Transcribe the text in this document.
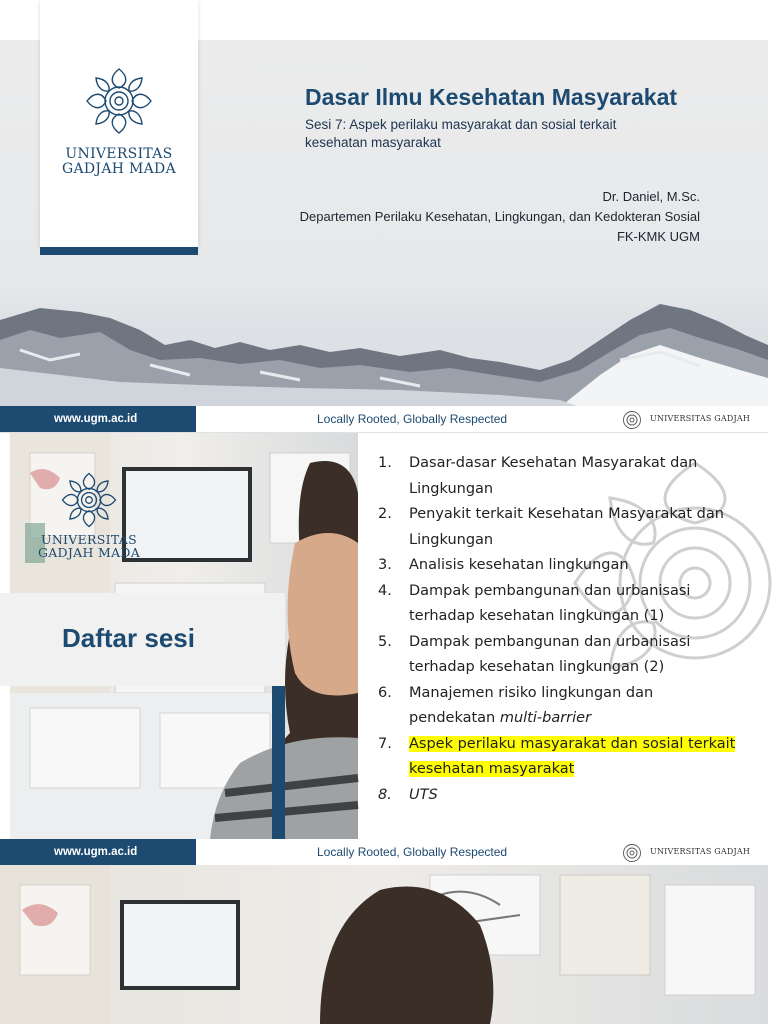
UNIVERSITAS
GADJAH MADA
Dasar Ilmu Kesehatan Masyarakat
Sesi 7: Aspek perilaku masyarakat dan sosial terkait
kesehatan masyarakat
Dr. Daniel, M.Sc.
Departemen Perilaku Kesehatan, Lingkungan, dan Kedokteran Sosial
FK-KMK UGM
www.ugm.ac.id	Locally Rooted, Globally Respected	UNIVERSITAS GADJAH
UNIVERSITAS
GADJAH MADA
Daftar sesi
1. Dasar-dasar Kesehatan Masyarakat dan
Lingkungan
2. Penyakit terkait Kesehatan Masyarakat dan
Lingkungan
3. Analisis kesehatan lingkungan
4. Dampak pembangunan dan urbanisasi
terhadap kesehatan lingkungan (1)
5. Dampak pembangunan dan urbanisasi
terhadap kesehatan lingkungan (2)
6. Manajemen risiko lingkungan dan
pendekatan multi-barrier
7. Aspek perilaku masyarakat dan sosial terkait
kesehatan masyarakat
8. UTS
www.ugm.ac.id	Locally Rooted, Globally Respected	UNIVERSITAS GADJAH
